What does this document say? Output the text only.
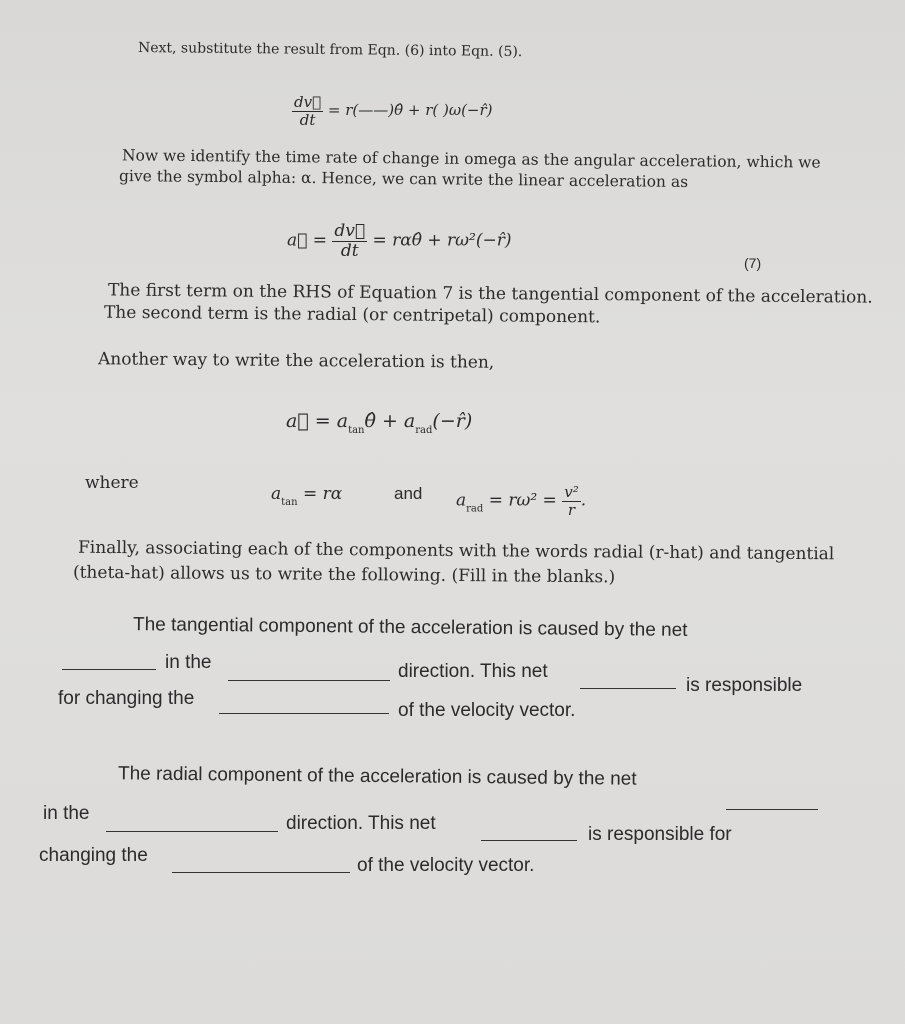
Next, substitute the result from Eqn. (6) into Eqn. (5).
$\frac{dv⃗}{dt}$ = r(——)θ̂ + r( )ω(−r̂)
Now we identify the time rate of change in omega as the angular acceleration, which we
give the symbol alpha: α. Hence, we can write the linear acceleration as
a⃗ = $\frac{dv⃗}{dt}$ = rαθ̂ + rω²(−r̂)
(7)
The first term on the RHS of Equation 7 is the tangential component of the acceleration.
The second term is the radial (or centripetal) component.
Another way to write the acceleration is then,
a⃗ = $a_{tan}\thetâ$ + $a_{rad}(-r̂)$
where
$a_{tan} = r\alpha$	and $a_{rad} = r\omega^2 = \frac{\text{v²}}{r}$ .
Finally, associating each of the components with the words radial (r-hat) and tangential
(theta-hat) allows us to write the following. (Fill in the blanks.)
The tangential component of the acceleration is caused by the net
in the	direction. This net
is responsible
for changing the
of the velocity vector.
The radial component of the acceleration is caused by the net
in the	direction. This net
is responsible for
changing the	of the velocity vector.
